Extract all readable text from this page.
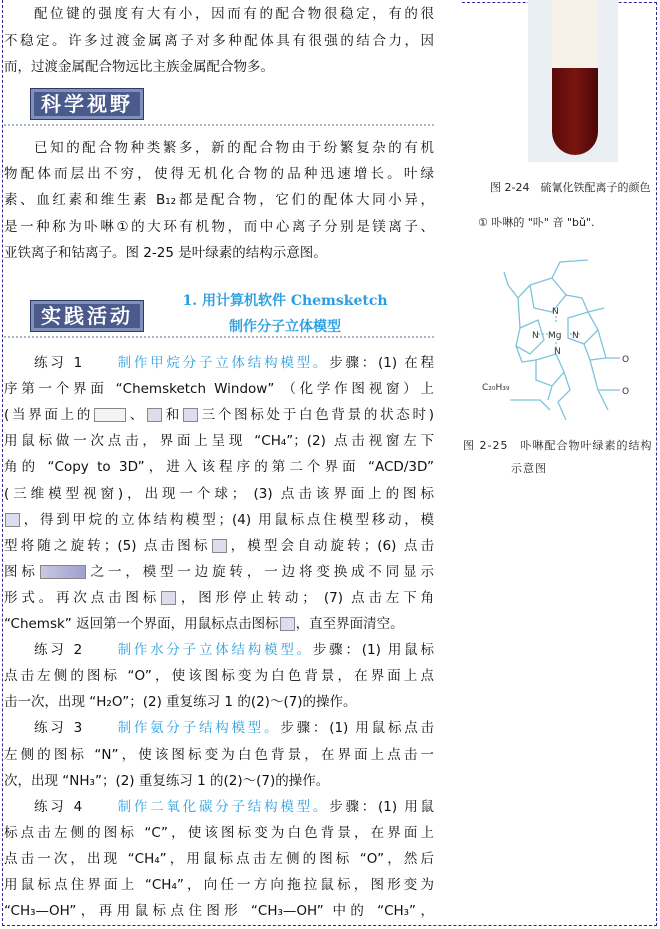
配位键的强度有大有小，因而有的配合物很稳定，有的很
不稳定。许多过渡金属离子对多种配体具有很强的结合力，因
而，过渡金属配合物远比主族金属配合物多。
科学视野
已知的配合物种类繁多，新的配合物由于纷繁复杂的有机
物配体而层出不穷，使得无机化合物的品种迅速增长。叶绿
素、血红素和维生素 B₁₂都是配合物，它们的配体大同小异，
是一种称为卟啉①的大环有机物，而中心离子分别是镁离子、
亚铁离子和钴离子。图 2-25 是叶绿素的结构示意图。
实践活动
1. 用计算机软件 Chemsketch
制作分子立体模型
练习 1　　制作甲烷分子立体结构模型。步骤：(1) 在程
序第一个界面 “Chemsketch Window” （化学作图视窗）上
(当界面上的	、 和 三个图标处于白色背景的状态时)
用鼠标做一次点击，界面上呈现 “CH₄”；(2) 点击视窗左下
角的 “Copy to 3D”，进入该程序的第二个界面 “ACD/3D”
(三维模型视窗)，出现一个球； (3) 点击该界面上的图标
，得到甲烷的立体结构模型；(4) 用鼠标点住模型移动，模
型将随之旋转；(5) 点击图标 ，模型会自动旋转；(6) 点击
图标	之一，模型一边旋转，一边将变换成不同显示
形式。再次点击图标 ，图形停止转动； (7) 点击左下角
“Chemsk” 返回第一个界面，用鼠标点击图标 ，直至界面清空。
练习 2　　制作水分子立体结构模型。步骤：(1) 用鼠标
点击左侧的图标 “O”，使该图标变为白色背景，在界面上点
击一次，出现 “H₂O”；(2) 重复练习 1 的(2)～(7)的操作。
练习 3　　制作氨分子结构模型。步骤：(1) 用鼠标点击
左侧的图标 “N”，使该图标变为白色背景，在界面上点击一
次，出现 “NH₃”；(2) 重复练习 1 的(2)～(7)的操作。
练习 4　　制作二氧化碳分子结构模型。步骤：(1) 用鼠
标点击左侧的图标 “C”，使该图标变为白色背景，在界面上
点击一次，出现 “CH₄”，用鼠标点击左侧的图标 “O”，然后
用鼠标点住界面上 “CH₄”，向任一方向拖拉鼠标，图形变为
“CH₃—OH”，再用鼠标点住图形 “CH₃—OH” 中的 “CH₃”，
图 2-24　硫氰化铁配离子的颜色
① 卟啉的 "卟" 音 "bǔ".
N
N Mg N
N
O
O
C₂₀H₃₉
图 2-25　卟啉配合物叶绿素的结构
示意图
